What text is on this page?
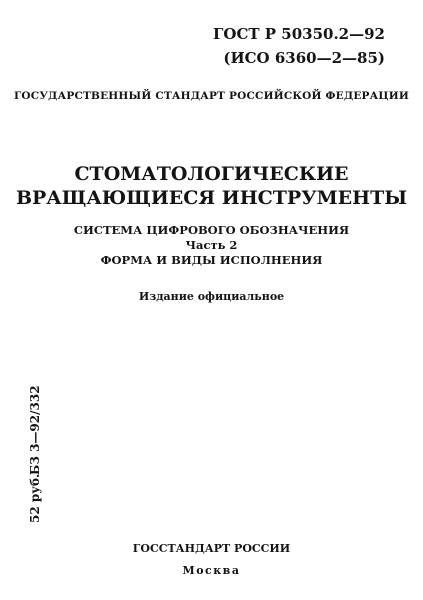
ГОСТ Р 50350.2—92
(ИСО 6360—2—85)
ГОСУДАРСТВЕННЫЙ СТАНДАРТ РОССИЙСКОЙ ФЕДЕРАЦИИ
СТОМАТОЛОГИЧЕСКИЕ
ВРАЩАЮЩИЕСЯ ИНСТРУМЕНТЫ
СИСТЕМА ЦИФРОВОГО ОБОЗНАЧЕНИЯ
Часть 2
ФОРМА И ВИДЫ ИСПОЛНЕНИЯ
Издание официальное
БЗ 3—92/332
52 руб.
ГОССТАНДАРТ РОССИИ
Москва
